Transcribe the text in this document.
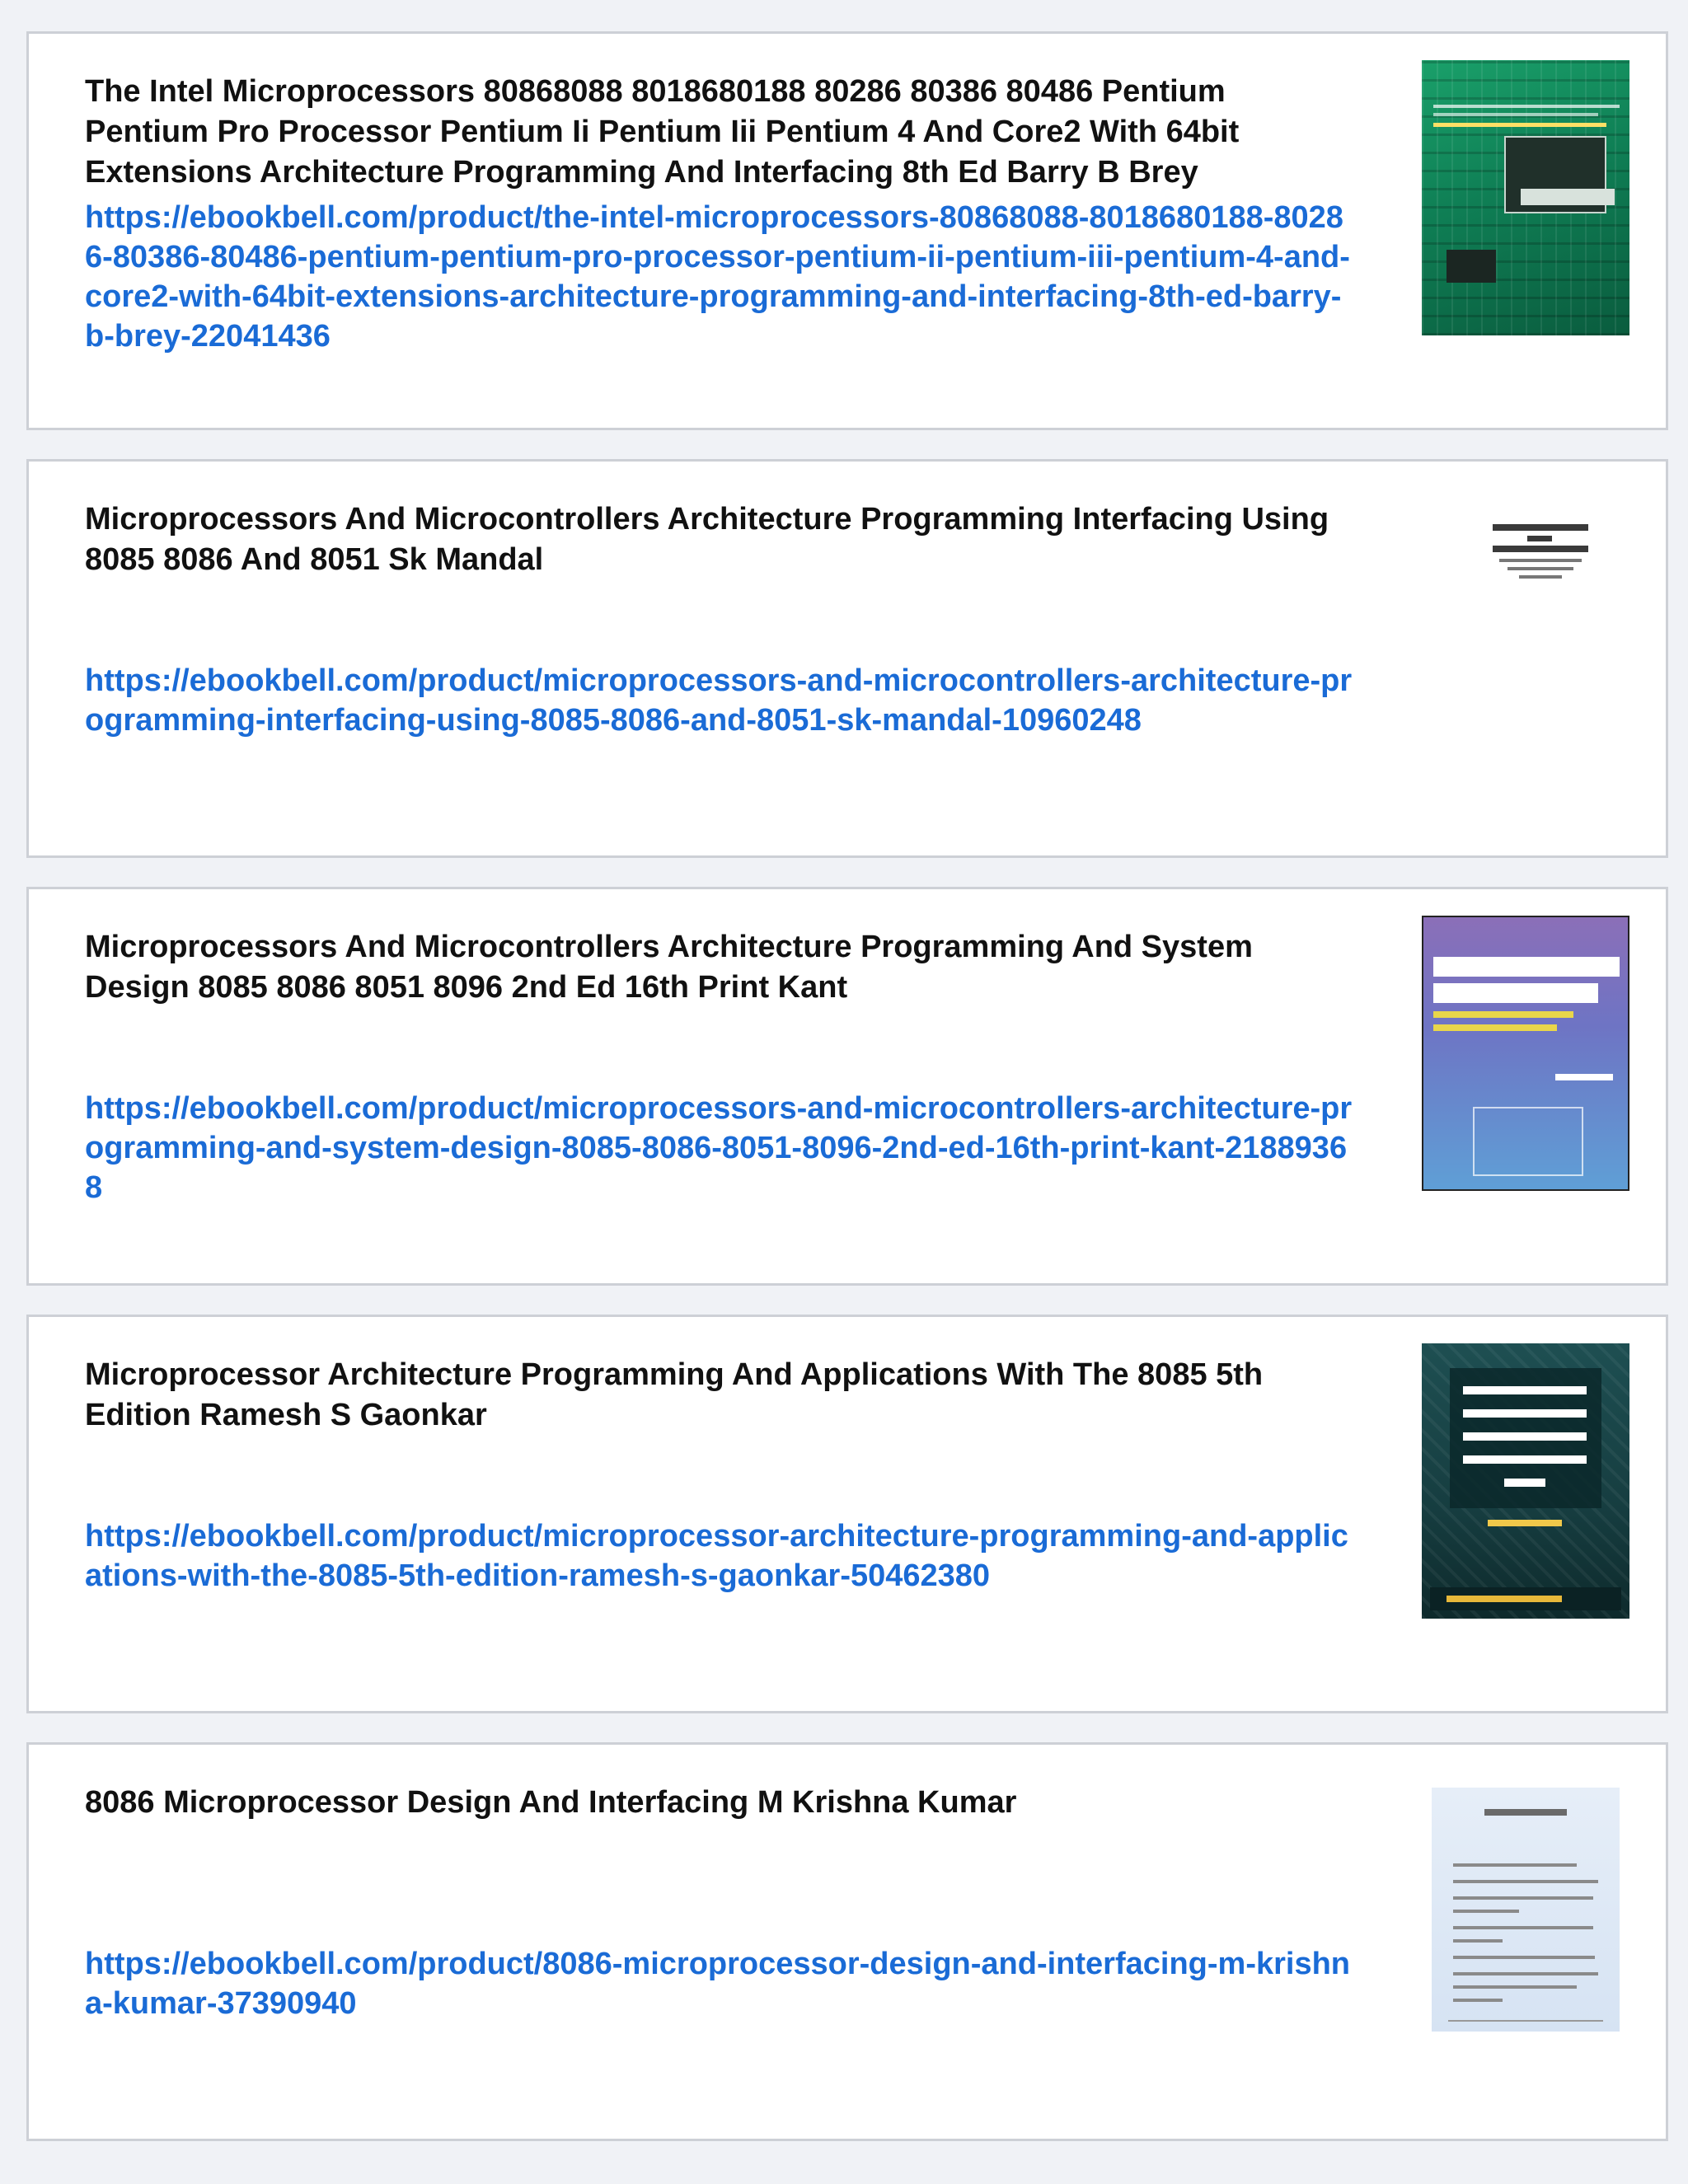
The Intel Microprocessors 80868088 8018680188 80286 80386 80486 Pentium Pentium Pro Processor Pentium Ii Pentium Iii Pentium 4 And Core2 With 64bit Extensions Architecture Programming And Interfacing 8th Ed Barry B Brey
https://ebookbell.com/product/the-intel-microprocessors-80868088-8018680188-80286-80386-80486-pentium-pentium-pro-processor-pentium-ii-pentium-iii-pentium-4-and-core2-with-64bit-extensions-architecture-programming-and-interfacing-8th-ed-barry-b-brey-22041436
Microprocessors And Microcontrollers Architecture Programming Interfacing Using 8085 8086 And 8051 Sk Mandal
https://ebookbell.com/product/microprocessors-and-microcontrollers-architecture-programming-interfacing-using-8085-8086-and-8051-sk-mandal-10960248
Microprocessors And Microcontrollers Architecture Programming And System Design 8085 8086 8051 8096 2nd Ed 16th Print Kant
https://ebookbell.com/product/microprocessors-and-microcontrollers-architecture-programming-and-system-design-8085-8086-8051-8096-2nd-ed-16th-print-kant-21889368
Microprocessor Architecture Programming And Applications With The 8085 5th Edition Ramesh S Gaonkar
https://ebookbell.com/product/microprocessor-architecture-programming-and-applications-with-the-8085-5th-edition-ramesh-s-gaonkar-50462380
8086 Microprocessor Design And Interfacing M Krishna Kumar
https://ebookbell.com/product/8086-microprocessor-design-and-interfacing-m-krishna-kumar-37390940
